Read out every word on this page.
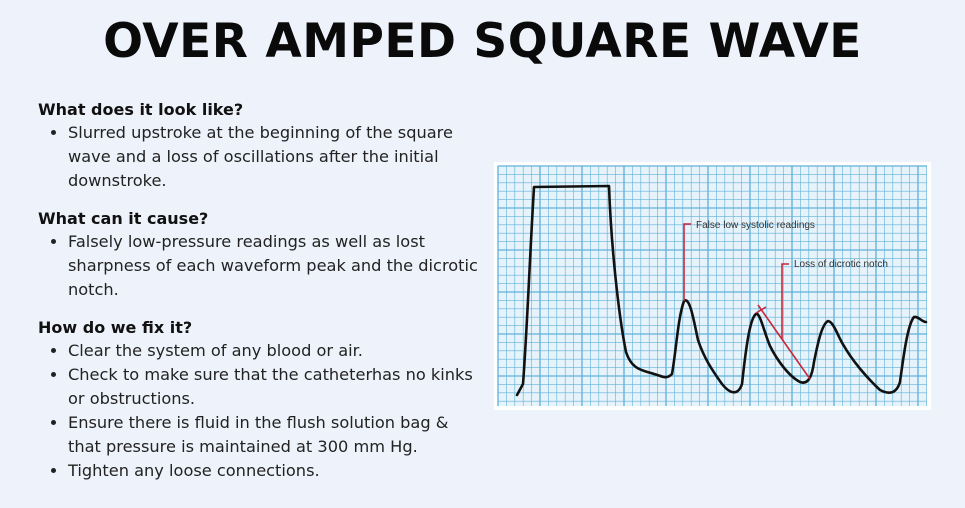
OVER AMPED SQUARE WAVE
What does it look like?
• Slurred upstroke at the beginning of the square wave and a loss of oscillations after the initial downstroke.
What can it cause?
• Falsely low-pressure readings as well as lost sharpness of each waveform peak and the dicrotic notch.
How do we fix it?
• Clear the system of any blood or air.
• Check to make sure that the catheterhas no kinks or obstructions.
• Ensure there is fluid in the flush solution bag & that pressure is maintained at 300 mm Hg.
• Tighten any loose connections.
False low systolic readings
Loss of dicrotic notch
